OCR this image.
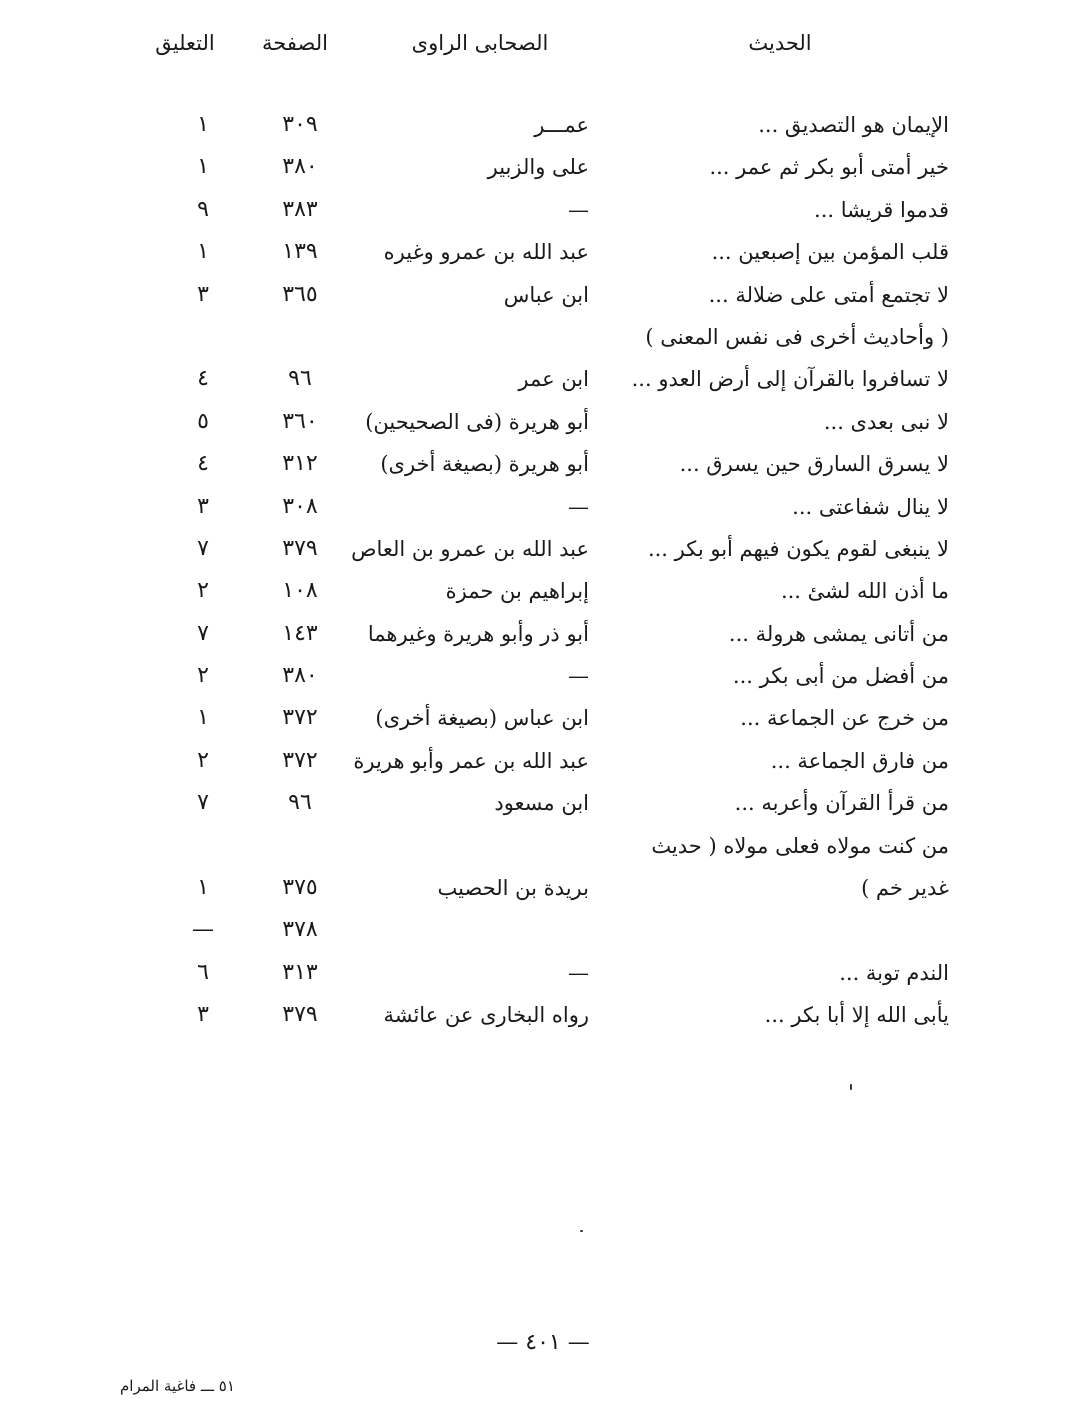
الحديث
الصحابى الراوى
الصفحة
التعليق
الإيمان هو التصديق ...
عمـــر
٣٠٩
١
خير أمتى أبو بكر ثم عمر ...
على والزبير
٣٨٠
١
قدموا قريشا ...
—
٣٨٣
٩
قلب المؤمن بين إصبعين ...
عبد الله بن عمرو وغيره
١٣٩
١
لا تجتمع أمتى على ضلالة ...
ابن عباس
٣٦٥
٣
( وأحاديث أخرى فى نفس المعنى )
لا تسافروا بالقرآن إلى أرض العدو ...
ابن عمر
٩٦
٤
لا نبى بعدى ...
أبو هريرة (فى الصحيحين)
٣٦٠
٥
لا يسرق السارق حين يسرق ...
أبو هريرة (بصيغة أخرى)
٣١٢
٤
لا ينال شفاعتى ...
—
٣٠٨
٣
لا ينبغى لقوم يكون فيهم أبو بكر ...
عبد الله بن عمرو بن العاص
٣٧٩
٧
ما أذن الله لشئ ...
إبراهيم بن حمزة
١٠٨
٢
من أتانى يمشى هرولة ...
أبو ذر وأبو هريرة وغيرهما
١٤٣
٧
من أفضل من أبى بكر ...
—
٣٨٠
٢
من خرج عن الجماعة ...
ابن عباس (بصيغة أخرى)
٣٧٢
١
من فارق الجماعة ...
عبد الله بن عمر وأبو هريرة
٣٧٢
٢
من قرأ القرآن وأعربه ...
ابن مسعود
٩٦
٧
من كنت مولاه فعلى مولاه ( حديث
غدير خم )
بريدة بن الحصيب
٣٧٥
١
٣٧٨
—
الندم توبة ...
—
٣١٣
٦
يأبى الله إلا أبا بكر ...
رواه البخارى عن عائشة
٣٧٩
٣
— ٤٠١ —
٥١ ـــ فاغية المرام
